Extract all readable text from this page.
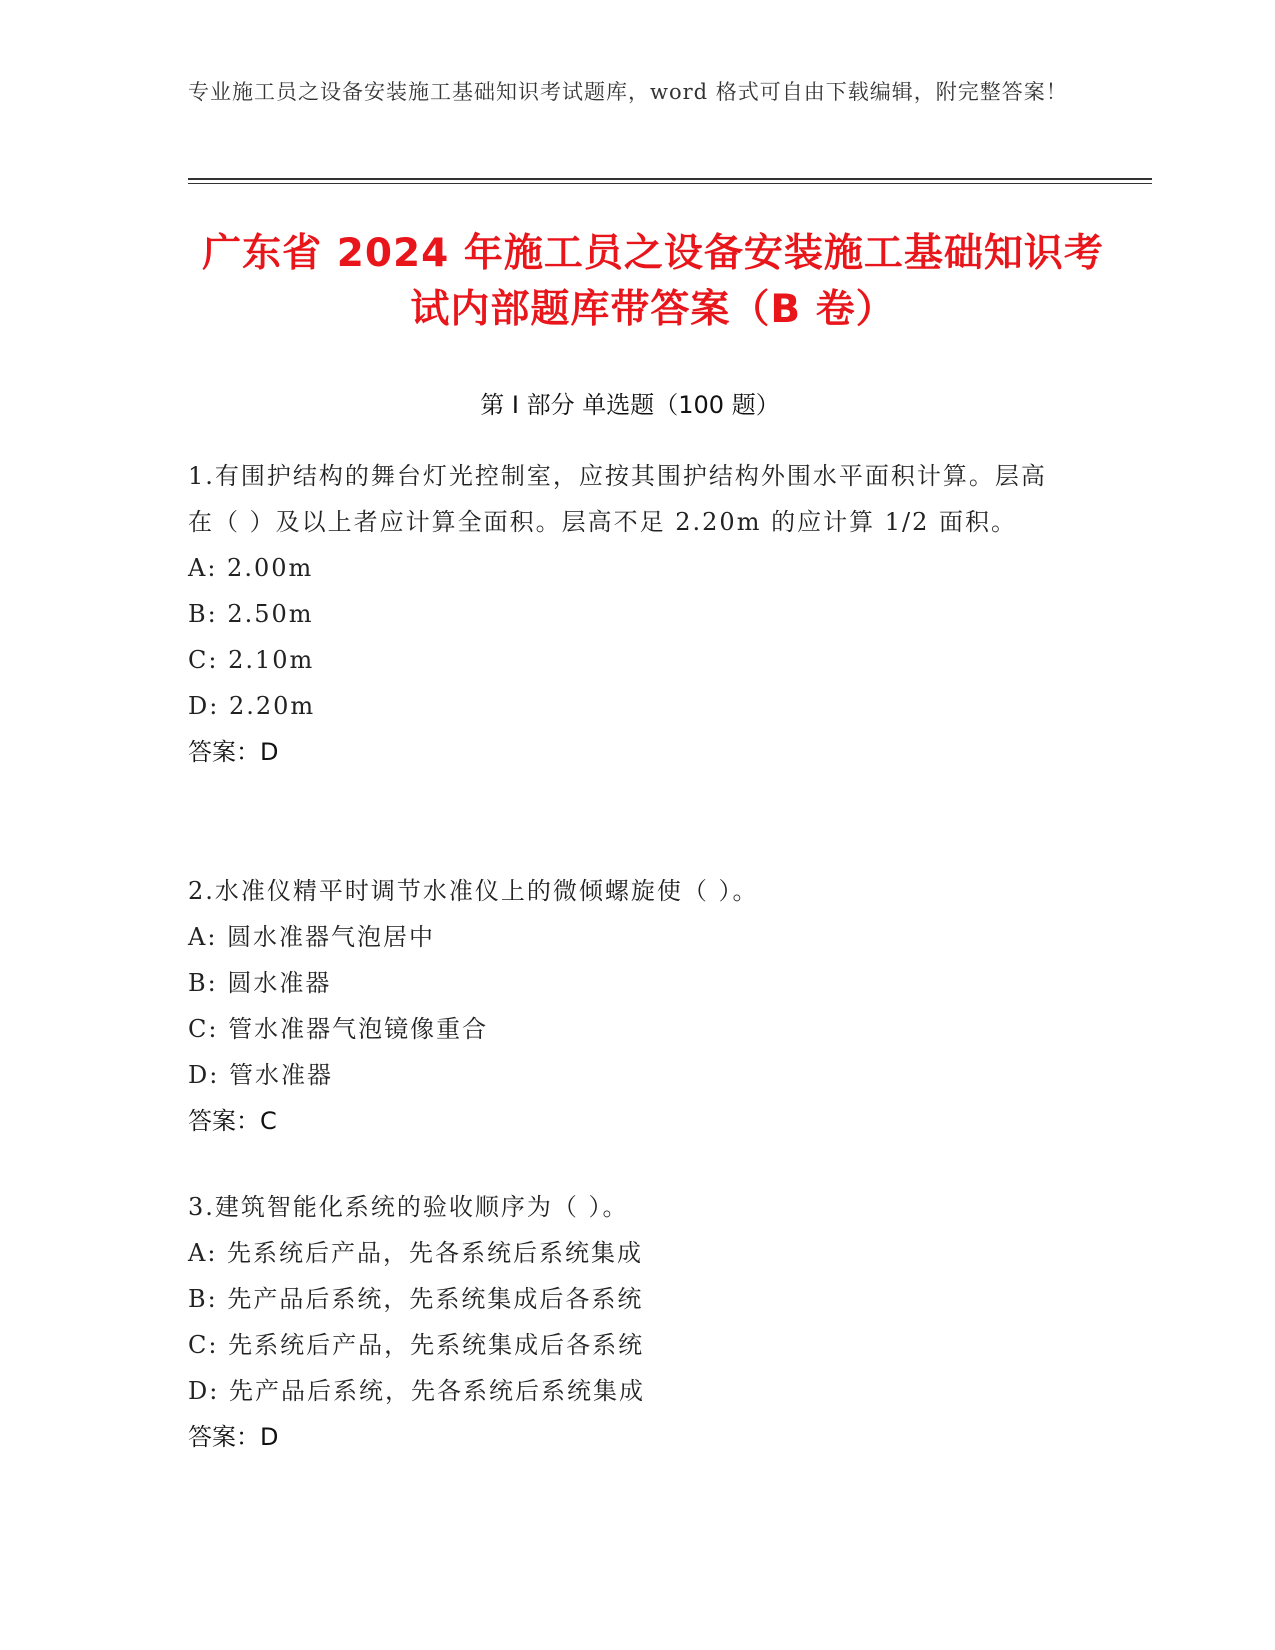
专业施工员之设备安装施工基础知识考试题库，word 格式可自由下载编辑，附完整答案！
广东省 2024 年施工员之设备安装施工基础知识考试内部题库带答案（B 卷）
第 I 部分 单选题（100 题）
1.有围护结构的舞台灯光控制室，应按其围护结构外围水平面积计算。层高在（ ）及以上者应计算全面积。层高不足 2.20m 的应计算 1/2 面积。
A: 2.00m
B: 2.50m
C: 2.10m
D: 2.20m
答案：D
2.水准仪精平时调节水准仪上的微倾螺旋使（ ）。
A: 圆水准器气泡居中
B: 圆水准器
C: 管水准器气泡镜像重合
D: 管水准器
答案：C
3.建筑智能化系统的验收顺序为（ ）。
A: 先系统后产品，先各系统后系统集成
B: 先产品后系统，先系统集成后各系统
C: 先系统后产品，先系统集成后各系统
D: 先产品后系统，先各系统后系统集成
答案：D
